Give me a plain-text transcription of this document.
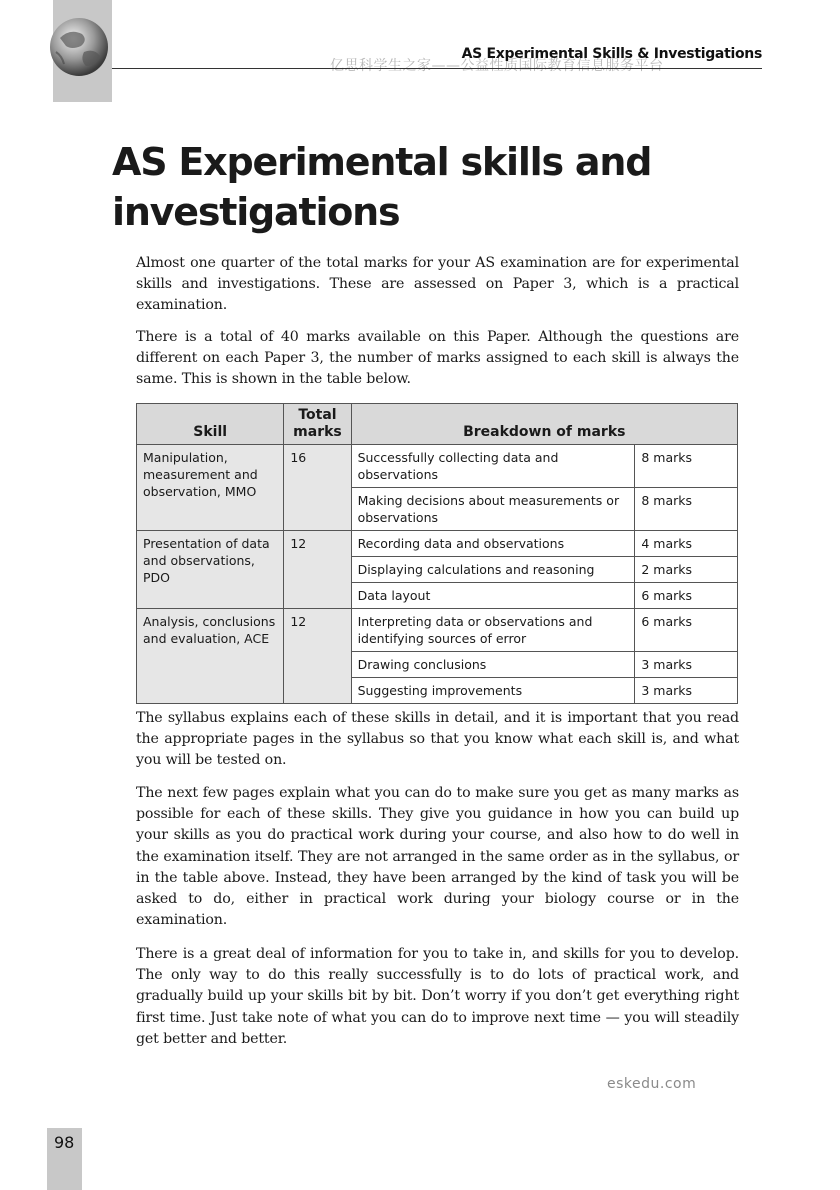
亿思科学生之家——公益性质国际教育信息服务平台
AS Experimental Skills & Investigations
AS Experimental skills and investigations

Almost one quarter of the total marks for your AS examination are for experimental skills and investigations. These are assessed on Paper 3, which is a practical examination.

There is a total of 40 marks available on this Paper. Although the questions are different on each Paper 3, the number of marks assigned to each skill is always the same. This is shown in the table below.

Skill	Total marks	Breakdown of marks	
Manipulation, measurement and observation, MMO	16	Successfully collecting data and observations	8 marks
		Making decisions about measurements or observations	8 marks
Presentation of data and observations, PDO	12	Recording data and observations	4 marks
		Displaying calculations and reasoning	2 marks
		Data layout	6 marks
Analysis, conclusions and evaluation, ACE	12	Interpreting data or observations and identifying sources of error	6 marks
		Drawing conclusions	3 marks
		Suggesting improvements	3 marks

The syllabus explains each of these skills in detail, and it is important that you read the appropriate pages in the syllabus so that you know what each skill is, and what you will be tested on.

The next few pages explain what you can do to make sure you get as many marks as possible for each of these skills. They give you guidance in how you can build up your skills as you do practical work during your course, and also how to do well in the examination itself. They are not arranged in the same order as in the syllabus, or in the table above. Instead, they have been arranged by the kind of task you will be asked to do, either in practical work during your biology course or in the examination.

There is a great deal of information for you to take in, and skills for you to develop. The only way to do this really successfully is to do lots of practical work, and gradually build up your skills bit by bit. Don’t worry if you don’t get everything right first time. Just take note of what you can do to improve next time — you will steadily get better and better.

eskedu.com
98
